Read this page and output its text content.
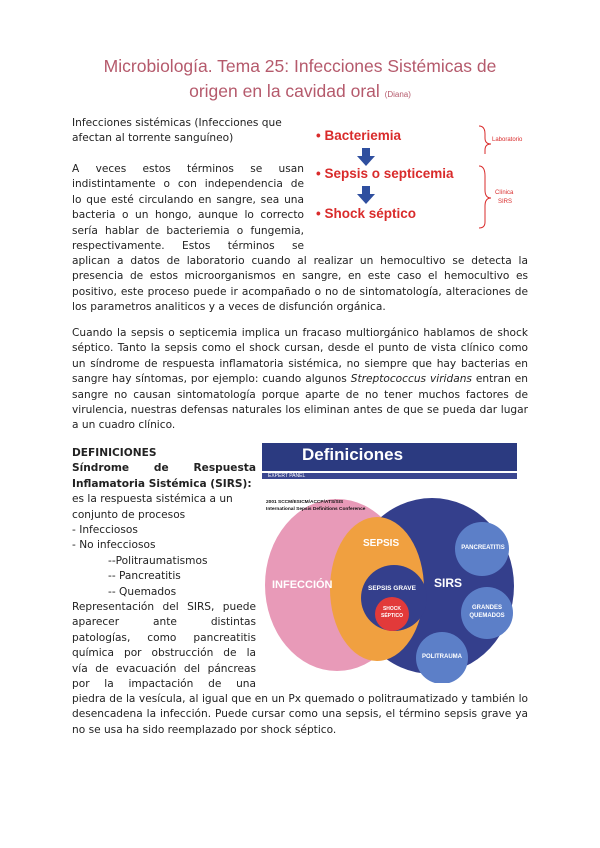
Microbiología. Tema 25: Infecciones Sistémicas de
origen en la cavidad oral (Diana)
Infecciones sistémicas (Infecciones que
afectan al torrente sanguíneo)
A veces estos términos se usan
indistintamente o con independencia de
lo que esté circulando en sangre, sea una
bacteria o un hongo, aunque lo correcto
sería hablar de bacteriemia o fungemia,
respectivamente. Estos términos se
aplican a datos de laboratorio cuando al realizar un hemocultivo se detecta la presencia de estos microorganismos en sangre, en este caso el hemocultivo es positivo, este proceso puede ir acompañado o no de sintomatología, alteraciones de los parametros analiticos y a veces de disfunción orgánica.
Cuando la sepsis o septicemia implica un fracaso multiorgánico hablamos de shock séptico. Tanto la sepsis como el shock cursan, desde el punto de vista clínico como un síndrome de respuesta inflamatoria sistémica, no siempre que hay bacterias en sangre hay síntomas, por ejemplo: cuando algunos Streptococcus viridans entran en sangre no causan sintomatología porque aparte de no tener muchos factores de virulencia, nuestras defensas naturales los eliminan antes de que se pueda dar lugar a un cuadro clínico.
DEFINICIONES
Síndrome de Respuesta
Inflamatoria Sistémica (SIRS):
es la respuesta sistémica a un
conjunto de procesos
- Infecciosos
- No infecciosos
--Politraumatismos
-- Pancreatitis
-- Quemados
Representación del SIRS, puede
aparecer ante distintas
patologías, como pancreatitis
química por obstrucción de la
vía de evacuación del páncreas
por la impactación de una
piedra de la vesícula, al igual que en un Px quemado o politraumatizado y también lo desencadena la infección. Puede cursar como una sepsis, el término sepsis grave ya no se usa ha sido reemplazado por shock séptico.
• Bacteriemia
• Sepsis o septicemia
• Shock séptico
Laboratorio
Clínica
SIRS
Definiciones
EXPERT PANEL
2001 SCCM/ESICM/ACCP/ATS/SIS
International Sepsis Definitions Conference
INFECCIÓN
SEPSIS
SEPSIS GRAVE
SHOCK
SÉPTICO
SIRS
PANCREATITIS
GRANDES
QUEMADOS
POLITRAUMA
